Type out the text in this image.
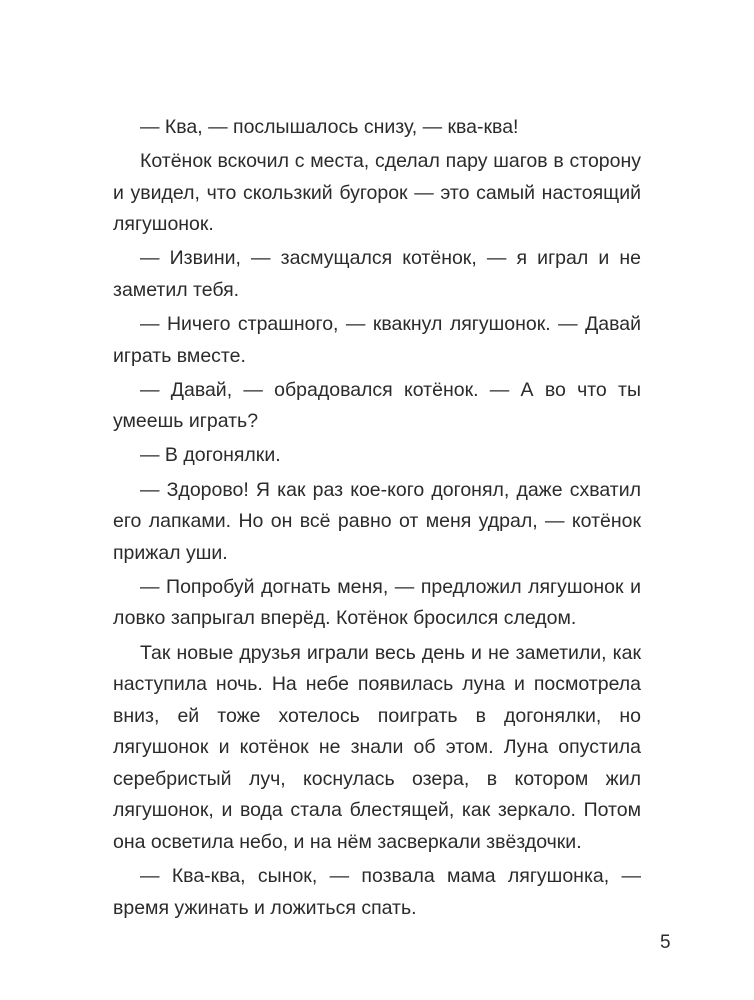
— Ква, — послышалось снизу, — ква-ква!

Котёнок вскочил с места, сделал пару шагов в сторону и увидел, что скользкий бугорок — это самый настоящий лягушонок.

— Извини, — засмущался котёнок, — я играл и не заметил тебя.

— Ничего страшного, — квакнул лягушонок. — Давай играть вместе.

— Давай, — обрадовался котёнок. — А во что ты умеешь играть?

— В догонялки.

— Здорово! Я как раз кое-кого догонял, даже схватил его лапками. Но он всё равно от меня удрал, — котёнок прижал уши.

— Попробуй догнать меня, — предложил лягушонок и ловко запрыгал вперёд. Котёнок бросился следом.

Так новые друзья играли весь день и не заметили, как наступила ночь. На небе появилась луна и посмотрела вниз, ей тоже хотелось поиграть в догонялки, но лягушонок и котёнок не знали об этом. Луна опустила серебристый луч, коснулась озера, в котором жил лягушонок, и вода стала блестящей, как зеркало. Потом она осветила небо, и на нём засверкали звёздочки.

— Ква-ква, сынок, — позвала мама лягушонка, — время ужинать и ложиться спать.

5
